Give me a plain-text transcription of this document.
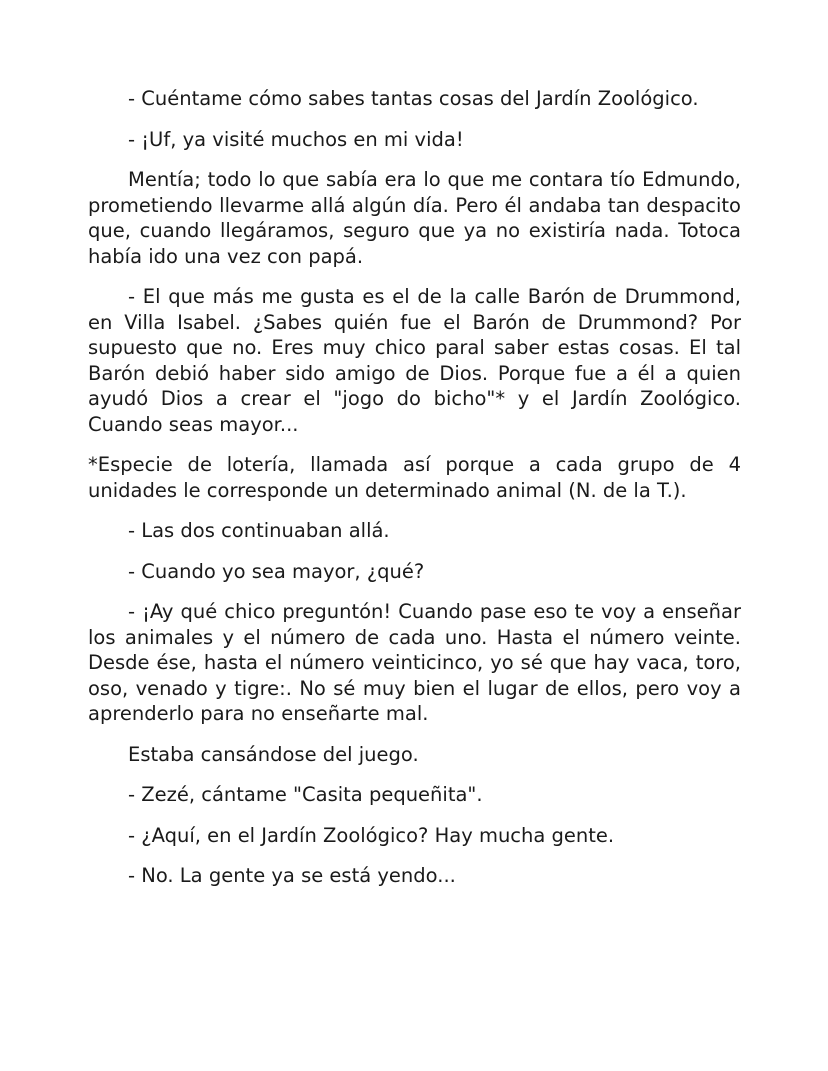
- Cuéntame cómo sabes tantas cosas del Jardín Zoológico.

- ¡Uf, ya visité muchos en mi vida!

Mentía; todo lo que sabía era lo que me contara tío Edmundo, prometiendo llevarme allá algún día. Pero él andaba tan despacito que, cuando llegáramos, seguro que ya no existiría nada. Totoca había ido una vez con papá.

- El que más me gusta es el de la calle Barón de Drummond, en Villa Isabel. ¿Sabes quién fue el Barón de Drummond? Por supuesto que no. Eres muy chico paral saber estas cosas. El tal Barón debió haber sido amigo de Dios. Porque fue a él a quien ayudó Dios a crear el "jogo do bicho"* y el Jardín Zoológico. Cuando seas mayor...

*Especie de lotería, llamada así porque a cada grupo de 4 unidades le corresponde un determinado animal (N. de la T.).

- Las dos continuaban allá.

- Cuando yo sea mayor, ¿qué?

- ¡Ay qué chico preguntón! Cuando pase eso te voy a enseñar los animales y el número de cada uno. Hasta el número veinte. Desde ése, hasta el número veinticinco, yo sé que hay vaca, toro, oso, venado y tigre:. No sé muy bien el lugar de ellos, pero voy a aprenderlo para no enseñarte mal.

Estaba cansándose del juego.

- Zezé, cántame "Casita pequeñita".

- ¿Aquí, en el Jardín Zoológico? Hay mucha gente.

- No. La gente ya se está yendo...
